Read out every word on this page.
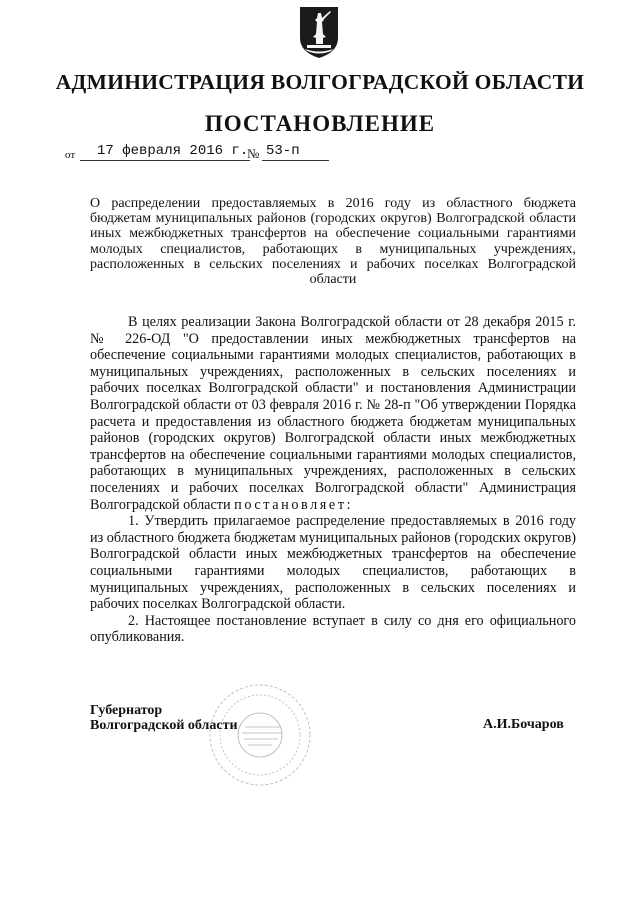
АДМИНИСТРАЦИЯ ВОЛГОГРАДСКОЙ ОБЛАСТИ
ПОСТАНОВЛЕНИЕ
от 17 февраля 2016 г.
№ 53-п
О распределении предоставляемых в 2016 году из областного бюджета бюджетам муниципальных районов (городских округов) Волгоградской области иных межбюджетных трансфертов на обеспечение социальными гарантиями молодых специалистов, работающих в муниципальных учреждениях, расположенных в сельских поселениях и рабочих поселках Волгоградской области

В целях реализации Закона Волгоградской области от 28 декабря 2015 г. № 226-ОД "О предоставлении иных межбюджетных трансфертов на обеспечение социальными гарантиями молодых специалистов, работающих в муниципальных учреждениях, расположенных в сельских поселениях и рабочих поселках Волгоградской области" и постановления Администрации Волгоградской области от 03 февраля 2016 г. № 28-п "Об утверждении Порядка расчета и предоставления из областного бюджета бюджетам муниципальных районов (городских округов) Волгоградской области иных межбюджетных трансфертов на обеспечение социальными гарантиями молодых специалистов, работающих в муниципальных учреждениях, расположенных в сельских поселениях и рабочих поселках Волгоградской области" Администрация Волгоградской области постановляет:

1. Утвердить прилагаемое распределение предоставляемых в 2016 году из областного бюджета бюджетам муниципальных районов (городских округов) Волгоградской области иных межбюджетных трансфертов на обеспечение социальными гарантиями молодых специалистов, работающих в муниципальных учреждениях, расположенных в сельских поселениях и рабочих поселках Волгоградской области.

2. Настоящее постановление вступает в силу со дня его официального опубликования.

Губернатор
Волгоградской области	А.И.Бочаров
